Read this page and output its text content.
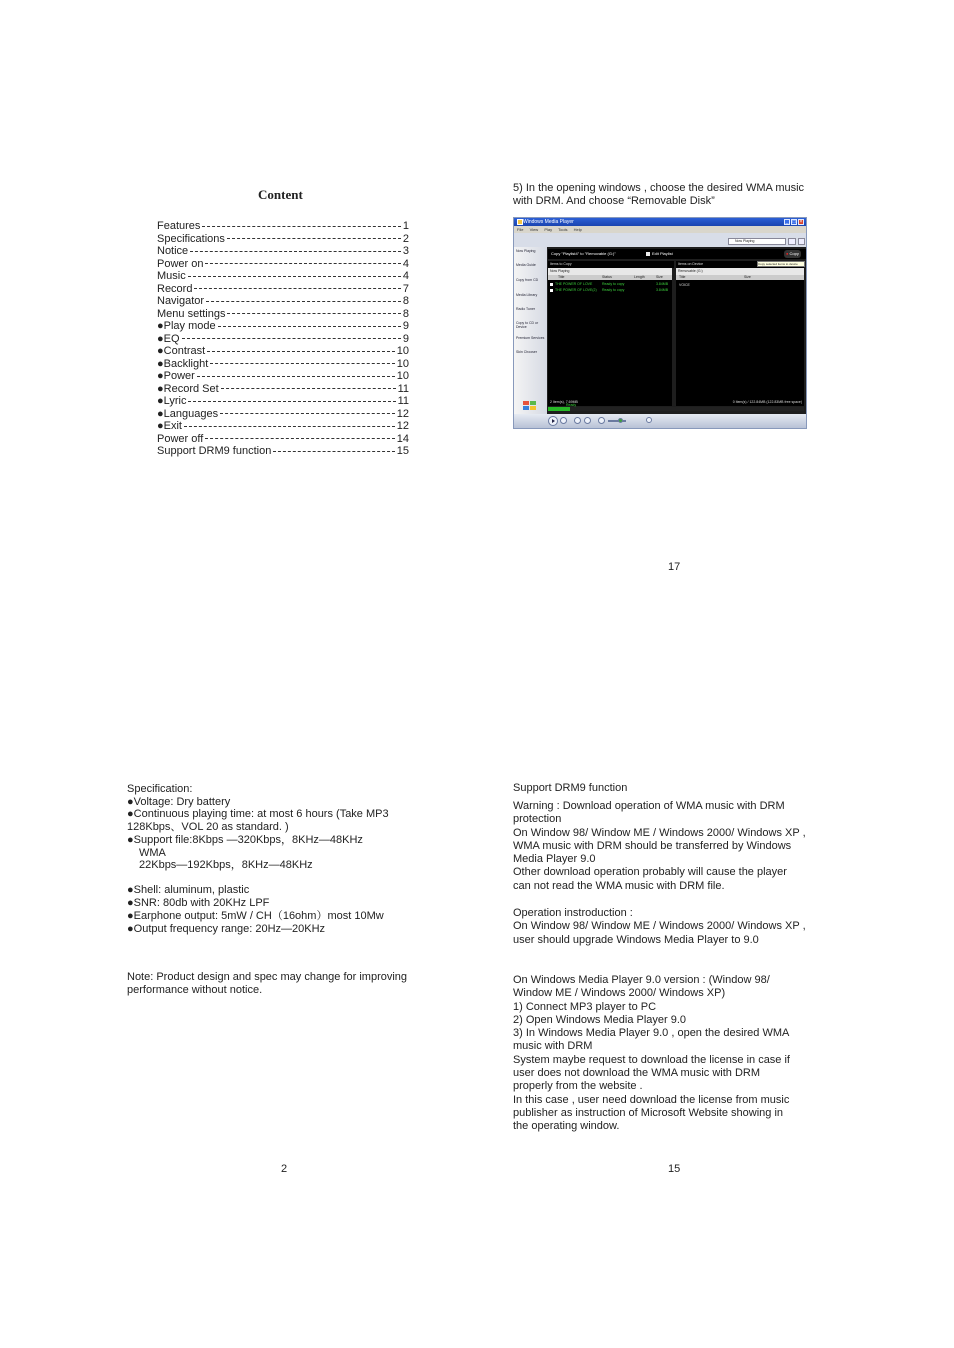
Content
Features	1
Specifications	2
Notice	3
Power on	4
Music	4
Record	7
Navigator	8
Menu settings	8
●Play mode	9
●EQ	9
●Contrast	10
●Backlight	10
●Power	10
●Record Set	11
●Lyric	11
●Languages	12
●Exit	12
Power off	14
Support DRM9 function	15
5) In the opening windows , choose the desired WMA music
with DRM. And choose “Removable Disk”
Windows Media Player	_ □ ×
File View Play Tools Help
Now Playing
Now Playing
Media Guide
Copy from CD
Media Library
Radio Tuner
Copy to CD or Device
Premium Services
Skin Chooser
Copy "Playlist4" to "Removable (G:)"	Edit Playlist	● Copy
Items to Copy
Now Playing
Title	Status	Length	Size
THE POWER OF LOVE	Ready to copy	3.84MB
THE POWER OF LOVE(2) Ready to copy	3.84MB
2 Item(s), 7.69MB
Items on Device	Copy selected items to device
Removable (G:)
Title	Size
VOICE
0 Item(s) / 122.84MB (122.83MB free space)
Ready
17
Specification:
●Voltage: Dry battery
●Continuous playing time: at most 6 hours (Take MP3
128Kbps、VOL 20 as standard. )
●Support file:8Kbps —320Kbps，8KHz—48KHz
WMA
22Kbps—192Kbps，8KHz—48KHz
●Shell: aluminum, plastic
●SNR: 80db with 20KHz LPF
●Earphone output: 5mW / CH（16ohm）most 10Mw
●Output frequency range: 20Hz—20KHz
Note: Product design and spec may change for improving
performance without notice.
2
Support DRM9 function
Warning : Download operation of WMA music with DRM
protection
On Window 98/ Window ME / Windows 2000/ Windows XP ,
WMA music with DRM should be transferred by Windows
Media Player 9.0
Other download operation probably will cause the player
can not read the WMA music with DRM file.
Operation instroduction :
On Window 98/ Window ME / Windows 2000/ Windows XP ,
user should upgrade Windows Media Player to 9.0
On Windows Media Player 9.0 version : (Window 98/
Window ME / Windows 2000/ Windows XP)
1) Connect MP3 player to PC
2) Open Windows Media Player 9.0
3) In Windows Media Player 9.0 , open the desired WMA
music with DRM
System maybe request to download the license in case if
user does not download the WMA music with DRM
properly from the website .
In this case , user need download the license from music
publisher as instruction of Microsoft Website showing in
the operating window.
15
